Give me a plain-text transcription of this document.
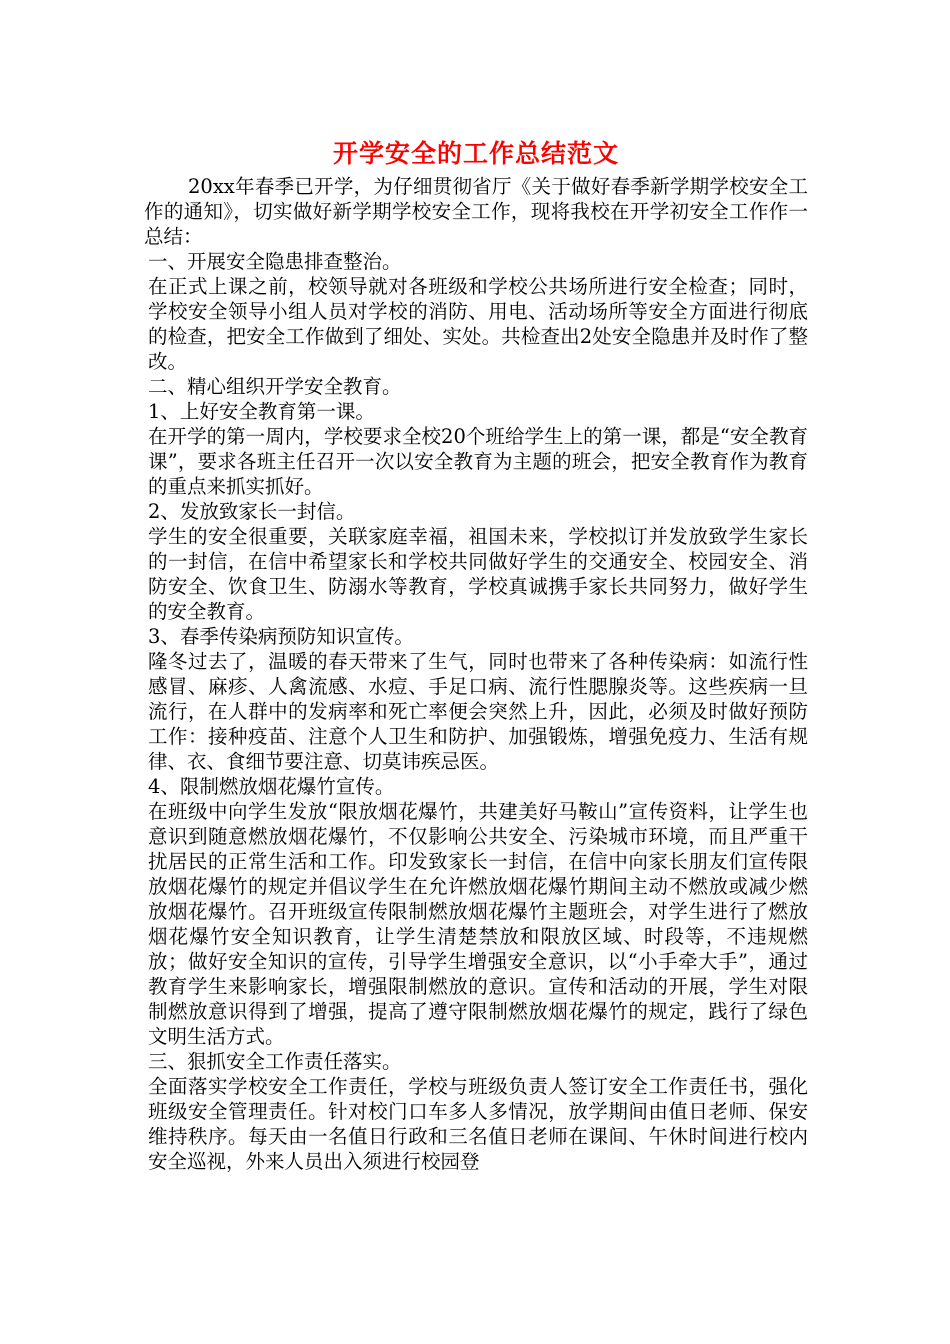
开学安全的工作总结范文

20xx年春季已开学，为仔细贯彻省厅《关于做好春季新学期学校安全工作的通知》，切实做好新学期学校安全工作，现将我校在开学初安全工作作一总结：

一、开展安全隐患排查整治。

在正式上课之前，校领导就对各班级和学校公共场所进行安全检查；同时，学校安全领导小组人员对学校的消防、用电、活动场所等安全方面进行彻底的检查，把安全工作做到了细处、实处。共检查出2处安全隐患并及时作了整改。

二、精心组织开学安全教育。

1、上好安全教育第一课。

在开学的第一周内，学校要求全校20个班给学生上的第一课，都是“安全教育课”，要求各班主任召开一次以安全教育为主题的班会，把安全教育作为教育的重点来抓实抓好。

2、发放致家长一封信。

学生的安全很重要，关联家庭幸福，祖国未来，学校拟订并发放致学生家长的一封信，在信中希望家长和学校共同做好学生的交通安全、校园安全、消防安全、饮食卫生、防溺水等教育，学校真诚携手家长共同努力，做好学生的安全教育。

3、春季传染病预防知识宣传。

隆冬过去了，温暖的春天带来了生气，同时也带来了各种传染病：如流行性感冒、麻疹、人禽流感、水痘、手足口病、流行性腮腺炎等。这些疾病一旦流行，在人群中的发病率和死亡率便会突然上升，因此，必须及时做好预防工作：接种疫苗、注意个人卫生和防护、加强锻炼，增强免疫力、生活有规律、衣、食细节要注意、切莫讳疾忌医。

4、限制燃放烟花爆竹宣传。

在班级中向学生发放“限放烟花爆竹，共建美好马鞍山”宣传资料，让学生也意识到随意燃放烟花爆竹，不仅影响公共安全、污染城市环境，而且严重干扰居民的正常生活和工作。印发致家长一封信，在信中向家长朋友们宣传限放烟花爆竹的规定并倡议学生在允许燃放烟花爆竹期间主动不燃放或减少燃放烟花爆竹。召开班级宣传限制燃放烟花爆竹主题班会，对学生进行了燃放烟花爆竹安全知识教育，让学生清楚禁放和限放区域、时段等，不违规燃放；做好安全知识的宣传，引导学生增强安全意识，以“小手牵大手”，通过教育学生来影响家长，增强限制燃放的意识。宣传和活动的开展，学生对限制燃放意识得到了增强，提高了遵守限制燃放烟花爆竹的规定，践行了绿色文明生活方式。

三、狠抓安全工作责任落实。

全面落实学校安全工作责任，学校与班级负责人签订安全工作责任书，强化班级安全管理责任。针对校门口车多人多情况，放学期间由值日老师、保安维持秩序。每天由一名值日行政和三名值日老师在课间、午休时间进行校内安全巡视，外来人员出入须进行校园登
